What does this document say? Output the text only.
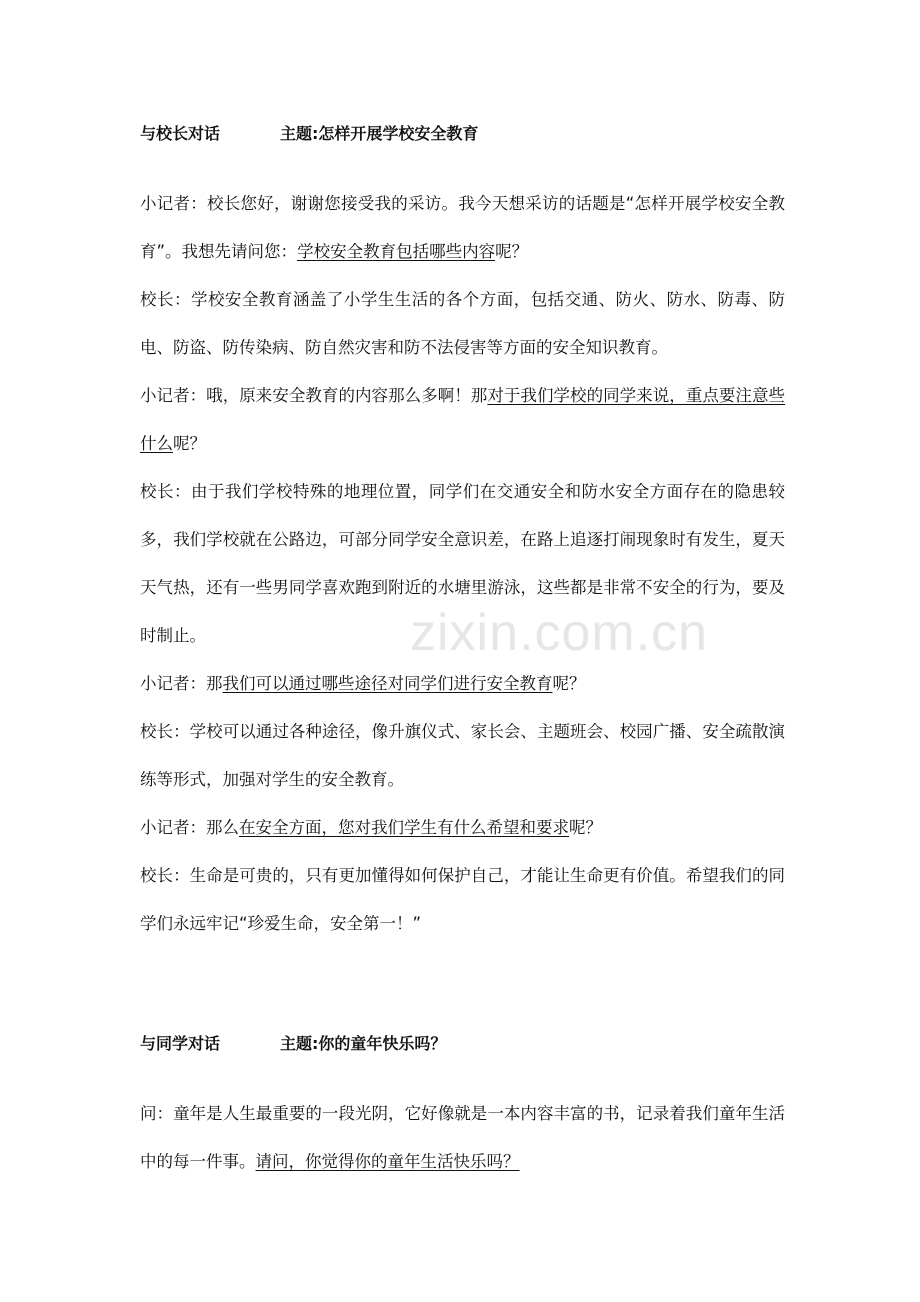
与校长对话	主题:怎样开展学校安全教育
小记者：校长您好，谢谢您接受我的采访。我今天想采访的话题是“怎样开展学校安全教育”。我想先请问您：学校安全教育包括哪些内容呢？
校长：学校安全教育涵盖了小学生生活的各个方面，包括交通、防火、防水、防毒、防电、防盗、防传染病、防自然灾害和防不法侵害等方面的安全知识教育。
小记者：哦，原来安全教育的内容那么多啊！那对于我们学校的同学来说，重点要注意些什么呢？
校长：由于我们学校特殊的地理位置，同学们在交通安全和防水安全方面存在的隐患较多，我们学校就在公路边，可部分同学安全意识差，在路上追逐打闹现象时有发生，夏天天气热，还有一些男同学喜欢跑到附近的水塘里游泳，这些都是非常不安全的行为，要及时制止。
小记者：那我们可以通过哪些途径对同学们进行安全教育呢？
校长：学校可以通过各种途径，像升旗仪式、家长会、主题班会、校园广播、安全疏散演练等形式，加强对学生的安全教育。
小记者：那么在安全方面，您对我们学生有什么希望和要求呢？
校长：生命是可贵的，只有更加懂得如何保护自己，才能让生命更有价值。希望我们的同学们永远牢记“珍爱生命，安全第一！”
与同学对话	主题:你的童年快乐吗？
问：童年是人生最重要的一段光阴，它好像就是一本内容丰富的书，记录着我们童年生活中的每一件事。请问，你觉得你的童年生活快乐吗？
zixin.com.cn
